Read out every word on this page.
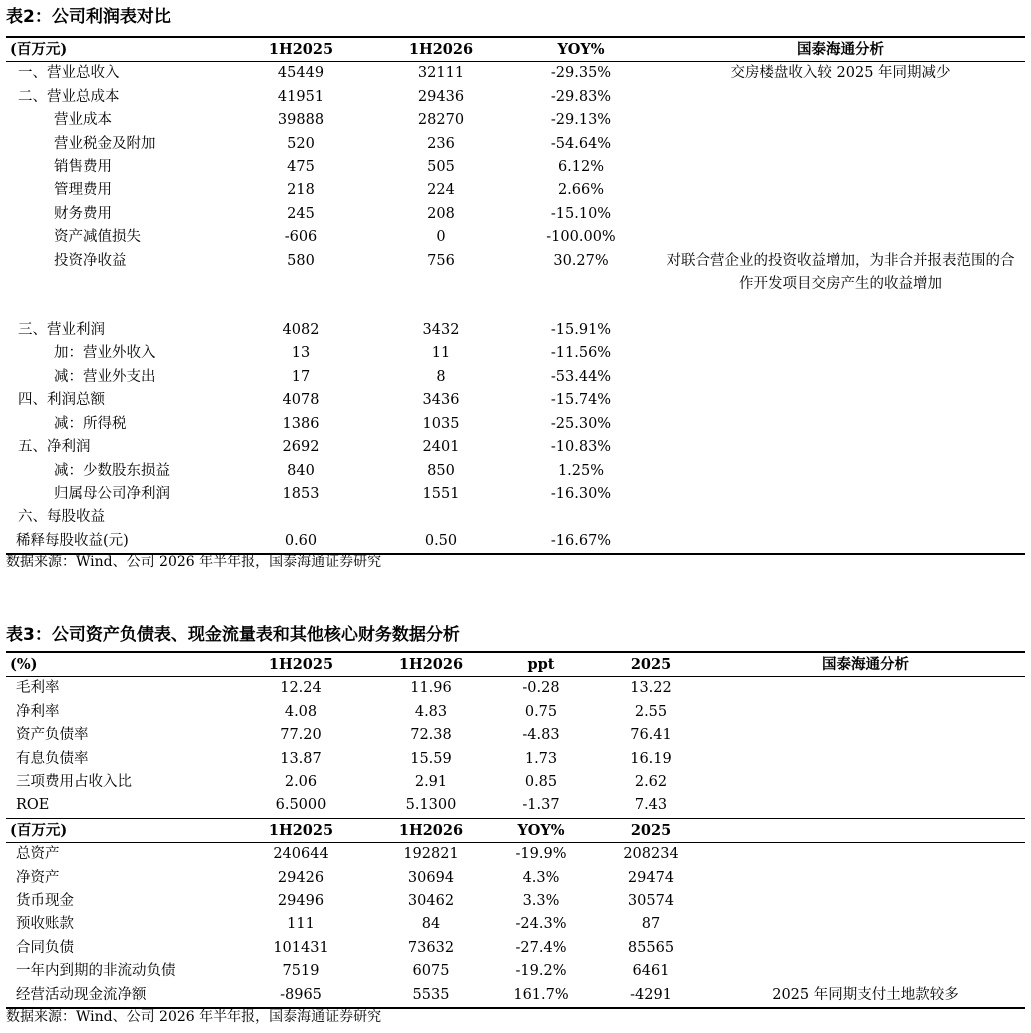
表2：公司利润表对比
(百万元)	1H2025	1H2026	YOY%	国泰海通分析
一、营业总收入	45449	32111	-29.35%	交房楼盘收入较 2025 年同期减少
二、营业总成本	41951	29436	-29.83%	
营业成本	39888	28270	-29.13%	
营业税金及附加	520	236	-54.64%	
销售费用	475	505	6.12%	
管理费用	218	224	2.66%	
财务费用	245	208	-15.10%	
资产减值损失	-606	0	-100.00%	
投资净收益	580	756	30.27%	对联合营企业的投资收益增加，为非合并报表范围的合作开发项目交房产生的收益增加

三、营业利润	4082	3432	-15.91%	
加：营业外收入	13	11	-11.56%	
减：营业外支出	17	8	-53.44%	
四、利润总额	4078	3436	-15.74%	
减：所得税	1386	1035	-25.30%	
五、净利润	2692	2401	-10.83%	
减：少数股东损益	840	850	1.25%	
归属母公司净利润	1853	1551	-16.30%	
六、每股收益				
稀释每股收益(元)	0.60	0.50	-16.67%	
数据来源：Wind、公司 2026 年半年报，国泰海通证券研究
表3：公司资产负债表、现金流量表和其他核心财务数据分析
(%)	1H2025	1H2026	ppt	2025	国泰海通分析
毛利率	12.24	11.96	-0.28	13.22	
净利率	4.08	4.83	0.75	2.55	
资产负债率	77.20	72.38	-4.83	76.41	
有息负债率	13.87	15.59	1.73	16.19	
三项费用占收入比	2.06	2.91	0.85	2.62	
ROE	6.5000	5.1300	-1.37	7.43	
(百万元)	1H2025	1H2026	YOY%	2025	
总资产	240644	192821	-19.9%	208234	
净资产	29426	30694	4.3%	29474	
货币现金	29496	30462	3.3%	30574	
预收账款	111	84	-24.3%	87	
合同负债	101431	73632	-27.4%	85565	
一年内到期的非流动负债	7519	6075	-19.2%	6461	
经营活动现金流净额	-8965	5535	161.7%	-4291	2025 年同期支付土地款较多
数据来源：Wind、公司 2026 年半年报，国泰海通证券研究
